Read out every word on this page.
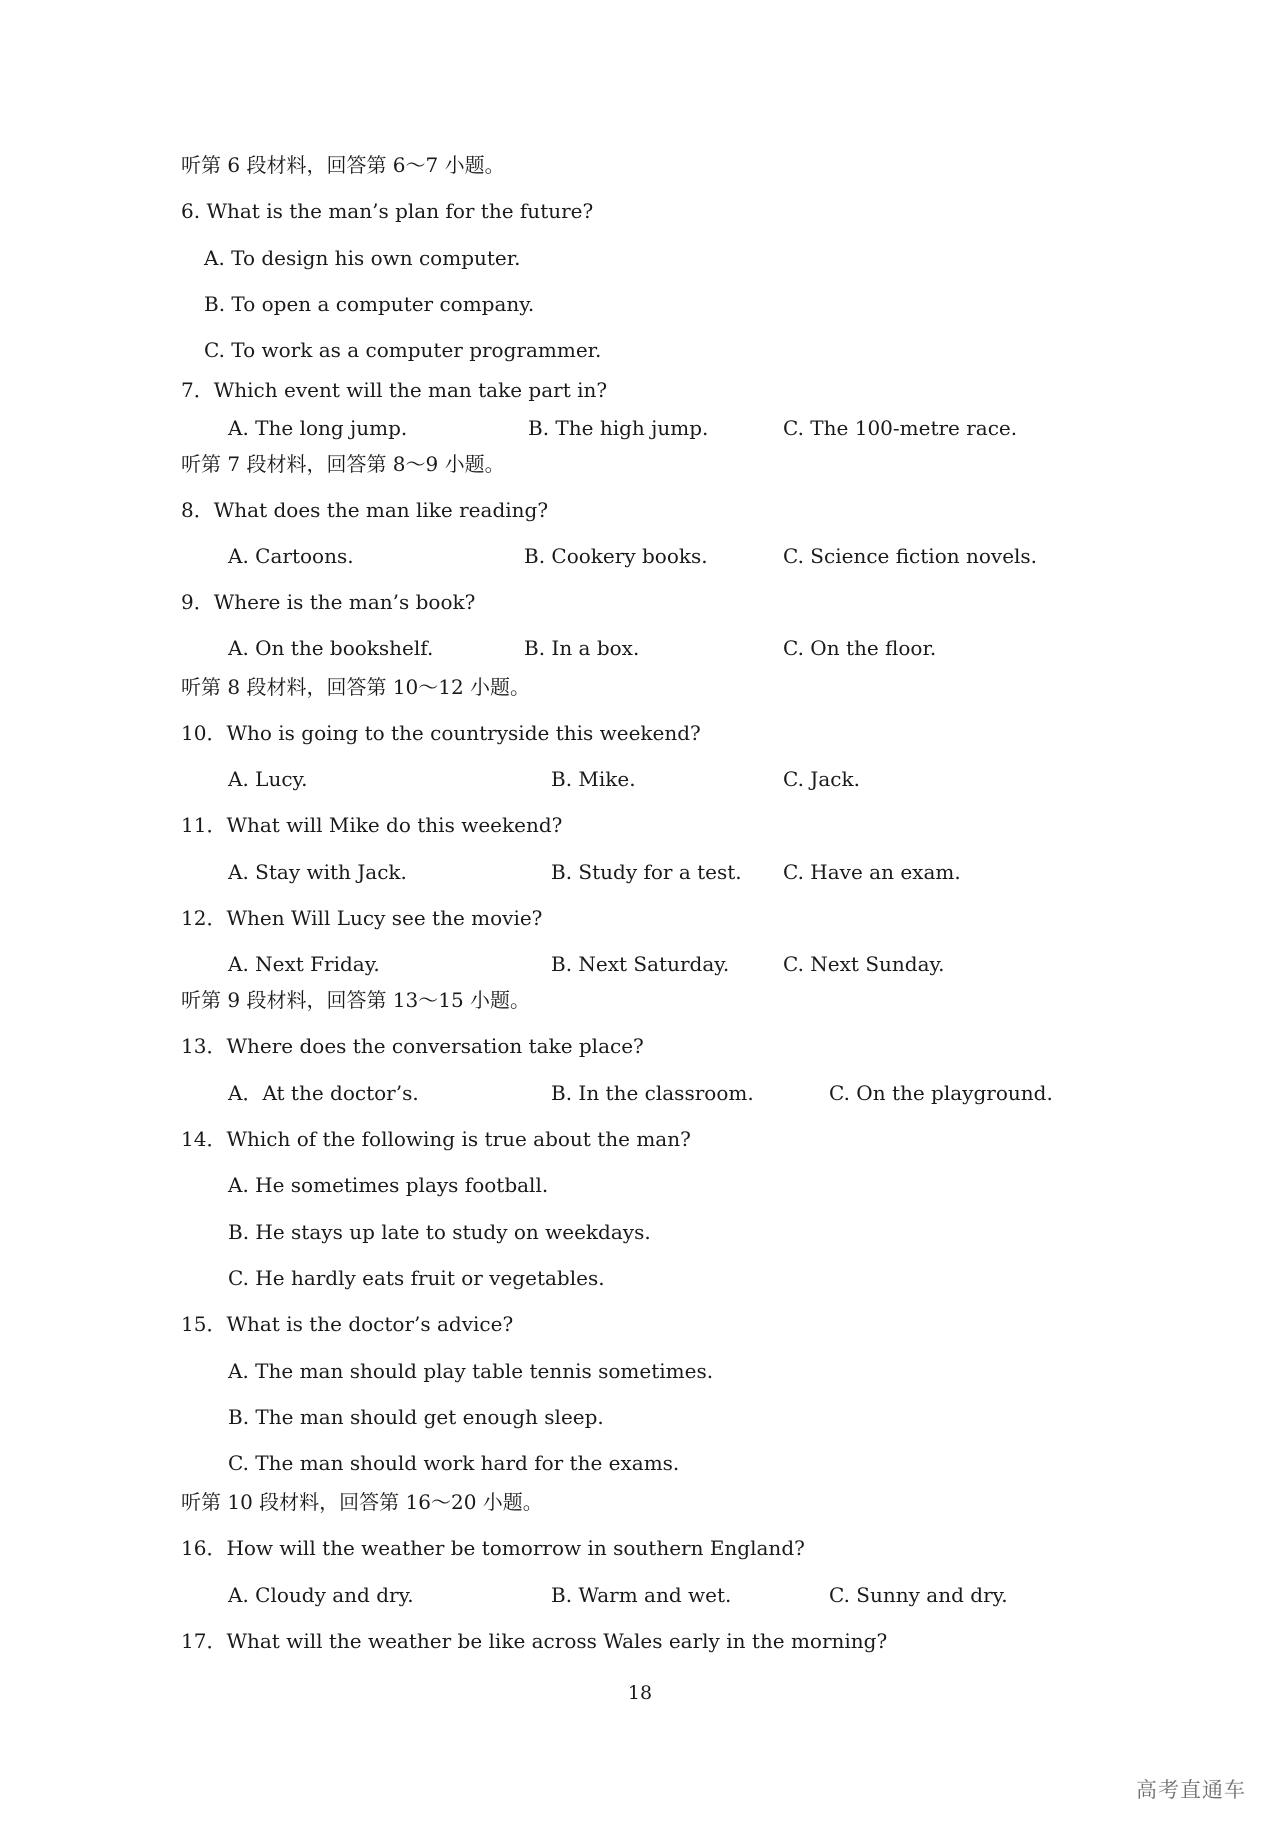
听第 6 段材料，回答第 6～7 小题。
6. What is the man’s plan for the future?
A. To design his own computer.
B. To open a computer company.
C. To work as a computer programmer.
7．Which event will the man take part in?
A. The long jump.	B. The high jump.	C. The 100-metre race.
听第 7 段材料，回答第 8～9 小题。
8．What does the man like reading?
A. Cartoons.	B. Cookery books.	C. Science fiction novels.
9．Where is the man’s book?
A. On the bookshelf.	B. In a box.	C. On the floor.
听第 8 段材料，回答第 10～12 小题。
10．Who is going to the countryside this weekend?
A. Lucy.	B. Mike.	C. Jack.
11．What will Mike do this weekend?
A. Stay with Jack.	B. Study for a test. C. Have an exam.
12．When Will Lucy see the movie?
A. Next Friday.	B. Next Saturday.	C. Next Sunday.
听第 9 段材料，回答第 13～15 小题。
13．Where does the conversation take place?
A．At the doctor’s.	B. In the classroom.	C. On the playground.
14．Which of the following is true about the man?
A. He sometimes plays football.
B. He stays up late to study on weekdays.
C. He hardly eats fruit or vegetables.
15．What is the doctor’s advice?
A. The man should play table tennis sometimes.
B. The man should get enough sleep.
C. The man should work hard for the exams.
听第 10 段材料，回答第 16～20 小题。
16．How will the weather be tomorrow in southern England?
A. Cloudy and dry.	B. Warm and wet.	C. Sunny and dry.
17．What will the weather be like across Wales early in the morning?
18
高考直通车
